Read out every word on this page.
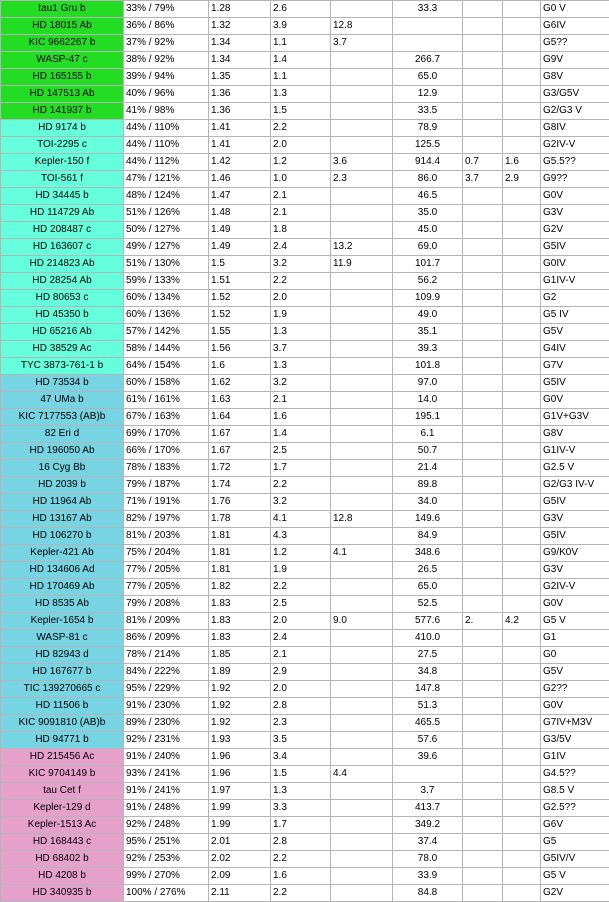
tau1 Gru b	33% / 79%	1.28	2.6		33.3			G0 V
HD 18015 Ab	36% / 86%	1.32	3.9	12.8				G6IV
KIC 9662267 b	37% / 92%	1.34	1.1	3.7				G5??
WASP-47 c	38% / 92%	1.34	1.4		266.7			G9V
HD 165155 b	39% / 94%	1.35	1.1		65.0			G8V
HD 147513 Ab	40% / 96%	1.36	1.3		12.9			G3/G5V
HD 141937 b	41% / 98%	1.36	1.5		33.5			G2/G3 V
HD 9174 b	44% / 110%	1.41	2.2		78.9			G8IV
TOI-2295 c	44% / 110%	1.41	2.0		125.5			G2IV-V
Kepler-150 f	44% / 112%	1.42	1.2	3.6	914.4	0.7	1.6	G5.5??
TOI-561 f	47% / 121%	1.46	1.0	2.3	86.0	3.7	2.9	G9??
HD 34445 b	48% / 124%	1.47	2.1		46.5			G0V
HD 114729 Ab	51% / 126%	1.48	2.1		35.0			G3V
HD 208487 c	50% / 127%	1.49	1.8		45.0			G2V
HD 163607 c	49% / 127%	1.49	2.4	13.2	69.0			G5IV
HD 214823 Ab	51% / 130%	1.5	3.2	11.9	101.7			G0IV
HD 28254 Ab	59% / 133%	1.51	2.2		56.2			G1IV-V
HD 80653 c	60% / 134%	1.52	2.0		109.9			G2
HD 45350 b	60% / 136%	1.52	1.9		49.0			G5 IV
HD 65216 Ab	57% / 142%	1.55	1.3		35.1			G5V
HD 38529 Ac	58% / 144%	1.56	3.7		39.3			G4IV
TYC 3873-761-1 b	64% / 154%	1.6	1.3		101.8			G7V
HD 73534 b	60% / 158%	1.62	3.2		97.0			G5IV
47 UMa b	61% / 161%	1.63	2.1		14.0			G0V
KIC 7177553 (AB)b	67% / 163%	1.64	1.6		195.1			G1V+G3V
82 Eri d	69% / 170%	1.67	1.4		6.1			G8V
HD 196050 Ab	66% / 170%	1.67	2.5		50.7			G1IV-V
16 Cyg Bb	78% / 183%	1.72	1.7		21.4			G2.5 V
HD 2039 b	79% / 187%	1.74	2.2		89.8			G2/G3 IV-V
HD 11964 Ab	71% / 191%	1.76	3.2		34.0			G5IV
HD 13167 Ab	82% / 197%	1.78	4.1	12.8	149.6			G3V
HD 106270 b	81% / 203%	1.81	4.3		84.9			G5IV
Kepler-421 Ab	75% / 204%	1.81	1.2	4.1	348.6			G9/K0V
HD 134606 Ad	77% / 205%	1.81	1.9		26.5			G3V
HD 170469 Ab	77% / 205%	1.82	2.2		65.0			G2IV-V
HD 8535 Ab	79% / 208%	1.83	2.5		52.5			G0V
Kepler-1654 b	81% / 209%	1.83	2.0	9.0	577.6	2.	4.2	G5 V
WASP-81 c	86% / 209%	1.83	2.4		410.0			G1
HD 82943 d	78% / 214%	1.85	2.1		27.5			G0
HD 167677 b	84% / 222%	1.89	2.9		34.8			G5V
TIC 139270665 c	95% / 229%	1.92	2.0		147.8			G2??
HD 11506 b	91% / 230%	1.92	2.8		51.3			G0V
KIC 9091810 (AB)b	89% / 230%	1.92	2.3		465.5			G7IV+M3V
HD 94771 b	92% / 231%	1.93	3.5		57.6			G3/5V
HD 215456 Ac	91% / 240%	1.96	3.4		39.6			G1IV
KIC 9704149 b	93% / 241%	1.96	1.5	4.4				G4.5??
tau Cet f	91% / 241%	1.97	1.3		3.7			G8.5 V
Kepler-129 d	91% / 248%	1.99	3.3		413.7			G2.5??
Kepler-1513 Ac	92% / 248%	1.99	1.7		349.2			G6V
HD 168443 c	95% / 251%	2.01	2.8		37.4			G5
HD 68402 b	92% / 253%	2.02	2.2		78.0			G5IV/V
HD 4208 b	99% / 270%	2.09	1.6		33.9			G5 V
HD 340935 b	100% / 276%	2.11	2.2		84.8			G2V
